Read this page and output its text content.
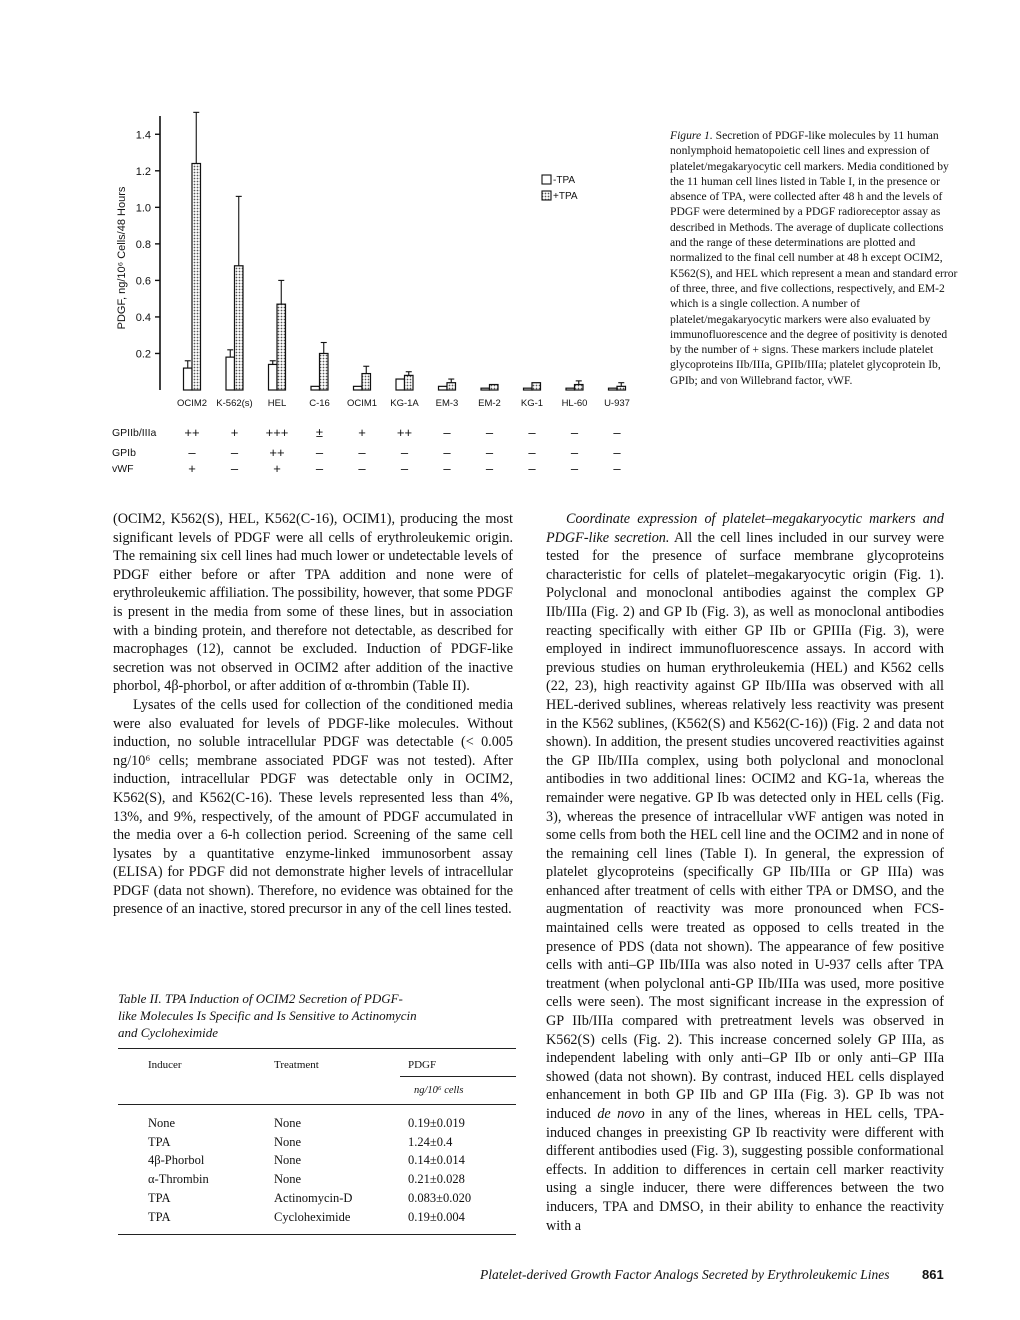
0.2
0.4
0.6
0.8
1.0
1.2
1.4
PDGF, ng/10⁶ Cells/48 Hours
OCIM2 K-562(s) HEL C-16 OCIM1 KG-1A EM-3 EM-2 KG-1 HL-60 U-937
-TPA
+TPA
GPIIb/IIIa	++	+	+++	±	+	++	–	–	–	–	–
GPIb	–	–	++	–	–	–	–	–	–	–	–
vWF	+	–	+	–	–	–	–	–	–	–	–
Figure 1. Secretion of PDGF-like molecules by 11 human nonlymphoid hematopoietic cell lines and expression of platelet/megakaryocytic cell markers. Media conditioned by the 11 human cell lines listed in Table I, in the presence or absence of TPA, were collected after 48 h and the levels of PDGF were determined by a PDGF radioreceptor assay as described in Methods. The average of duplicate collections and the range of these determinations are plotted and normalized to the final cell number at 48 h except OCIM2, K562(S), and HEL which represent a mean and standard error of three, three, and five collections, respectively, and EM-2 which is a single collection. A number of platelet/megakaryocytic markers were also evaluated by immunofluorescence and the degree of positivity is denoted by the number of + signs. These markers include platelet glycoproteins IIb/IIIa, GPIIb/IIIa; platelet glycoprotein Ib, GPIb; and von Willebrand factor, vWF.

(OCIM2, K562(S), HEL, K562(C-16), OCIM1), producing the most significant levels of PDGF were all cells of erythroleukemic origin. The remaining six cell lines had much lower or undetectable levels of PDGF either before or after TPA addition and none were of erythroleukemic affiliation. The possibility, however, that some PDGF is present in the media from some of these lines, but in association with a binding protein, and therefore not detectable, as described for macrophages (12), cannot be excluded. Induction of PDGF-like secretion was not observed in OCIM2 after addition of the inactive phorbol, 4β-phorbol, or after addition of α-thrombin (Table II).

Lysates of the cells used for collection of the conditioned media were also evaluated for levels of PDGF-like molecules. Without induction, no soluble intracellular PDGF was detectable (< 0.005 ng/10⁶ cells; membrane associated PDGF was not tested). After induction, intracellular PDGF was detectable only in OCIM2, K562(S), and K562(C-16). These levels represented less than 4%, 13%, and 9%, respectively, of the amount of PDGF accumulated in the media over a 6-h collection period. Screening of the same cell lysates by a quantitative enzyme-linked immunosorbent assay (ELISA) for PDGF did not demonstrate higher levels of intracellular PDGF (data not shown). Therefore, no evidence was obtained for the presence of an inactive, stored precursor in any of the cell lines tested.

Coordinate expression of platelet–megakaryocytic markers and PDGF-like secretion. All the cell lines included in our survey were tested for the presence of surface membrane glycoproteins characteristic for cells of platelet–megakaryocytic origin (Fig. 1). Polyclonal and monoclonal antibodies against the complex GP IIb/IIIa (Fig. 2) and GP Ib (Fig. 3), as well as monoclonal antibodies reacting specifically with either GP IIb or GPIIIa (Fig. 3), were employed in indirect immunofluorescence assays. In accord with previous studies on human erythroleukemia (HEL) and K562 cells (22, 23), high reactivity against GP IIb/IIIa was observed with all HEL-derived sublines, whereas relatively less reactivity was present in the K562 sublines, (K562(S) and K562(C-16)) (Fig. 2 and data not shown). In addition, the present studies uncovered reactivities against the GP IIb/IIIa complex, using both polyclonal and monoclonal antibodies in two additional lines: OCIM2 and KG-1a, whereas the remainder were negative. GP Ib was detected only in HEL cells (Fig. 3), whereas the presence of intracellular vWF antigen was noted in some cells from both the HEL cell line and the OCIM2 and in none of the remaining cell lines (Table I). In general, the expression of platelet glycoproteins (specifically GP IIb/IIIa or GP IIIa) was enhanced after treatment of cells with either TPA or DMSO, and the augmentation of reactivity was more pronounced when FCS-maintained cells were treated as opposed to cells treated in the presence of PDS (data not shown). The appearance of few positive cells with anti–GP IIb/IIIa was also noted in U-937 cells after TPA treatment (when polyclonal anti-GP IIb/IIIa was used, more positive cells were seen). The most significant increase in the expression of GP IIb/IIIa compared with pretreatment levels was observed in K562(S) cells (Fig. 2). This increase concerned solely GP IIIa, as independent labeling with only anti–GP IIb or only anti–GP IIIa showed (data not shown). By contrast, induced HEL cells displayed enhancement in both GP IIb and GP IIIa (Fig. 3). GP Ib was not induced de novo in any of the lines, whereas in HEL cells, TPA-induced changes in preexisting GP Ib reactivity were different with different antibodies used (Fig. 3), suggesting possible conformational effects. In addition to differences in certain cell marker reactivity using a single inducer, there were differences between the two inducers, TPA and DMSO, in their ability to enhance the reactivity with a

Table II. TPA Induction of OCIM2 Secretion of PDGF-like Molecules Is Specific and Is Sensitive to Actinomycin and Cycloheximide
Inducer	Treatment	PDGF
ng/10⁶ cells
None	None	0.19±0.019
TPA	None	1.24±0.4
4β-Phorbol	None	0.14±0.014
α-Thrombin	None	0.21±0.028
TPA	Actinomycin-D	0.083±0.020
TPA	Cycloheximide	0.19±0.004
Platelet-derived Growth Factor Analogs Secreted by Erythroleukemic Lines 861
